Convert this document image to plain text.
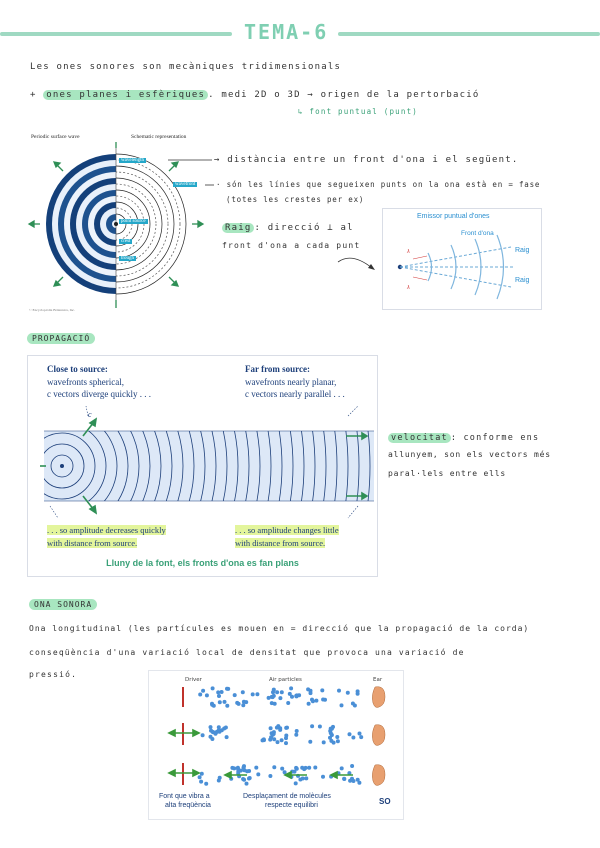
TEMA-6
Les ones sonores son mecàniques tridimensionals
+ ones planes i esfèriques . medi 2D o 3D → origen de la pertorbació
↳ font puntual (punt)
Periodic surface wave	Schematic representation
wavelength
wavefront
point source
crest
trough
© Encyclopædia Britannica, Inc.
→ distància entre un front d'ona i el següent.
· són les línies que segueixen punts on la ona està en = fase
(totes les crestes per ex)
Raig : direcció ⊥ al
front d'ona a cada punt
Emissor puntual d'ones
Front d'ona
λ
λ
Raig
Raig
PROPAGACIÓ
Close to source:
wavefronts spherical,
c vectors diverge quickly . . .
Far from source:
wavefronts nearly planar,
c vectors nearly parallel . . .
c
. . . so amplitude decreases quickly
with distance from source.
. . . so amplitude changes little
with distance from source.
Lluny de la font, els fronts d'ona es fan plans
velocitat : conforme ens
allunyem, son els vectors més
paral·lels entre ells
ONA SONORA
Ona longitudinal (les partícules es mouen en = direcció que la propagació de la corda)
conseqüència d'una variació local de densitat que provoca una variació de
pressió.
Driver	Air particles	Ear
Font que vibra a
alta freqüència
Desplaçament de molècules
respecte equilibri	SO
